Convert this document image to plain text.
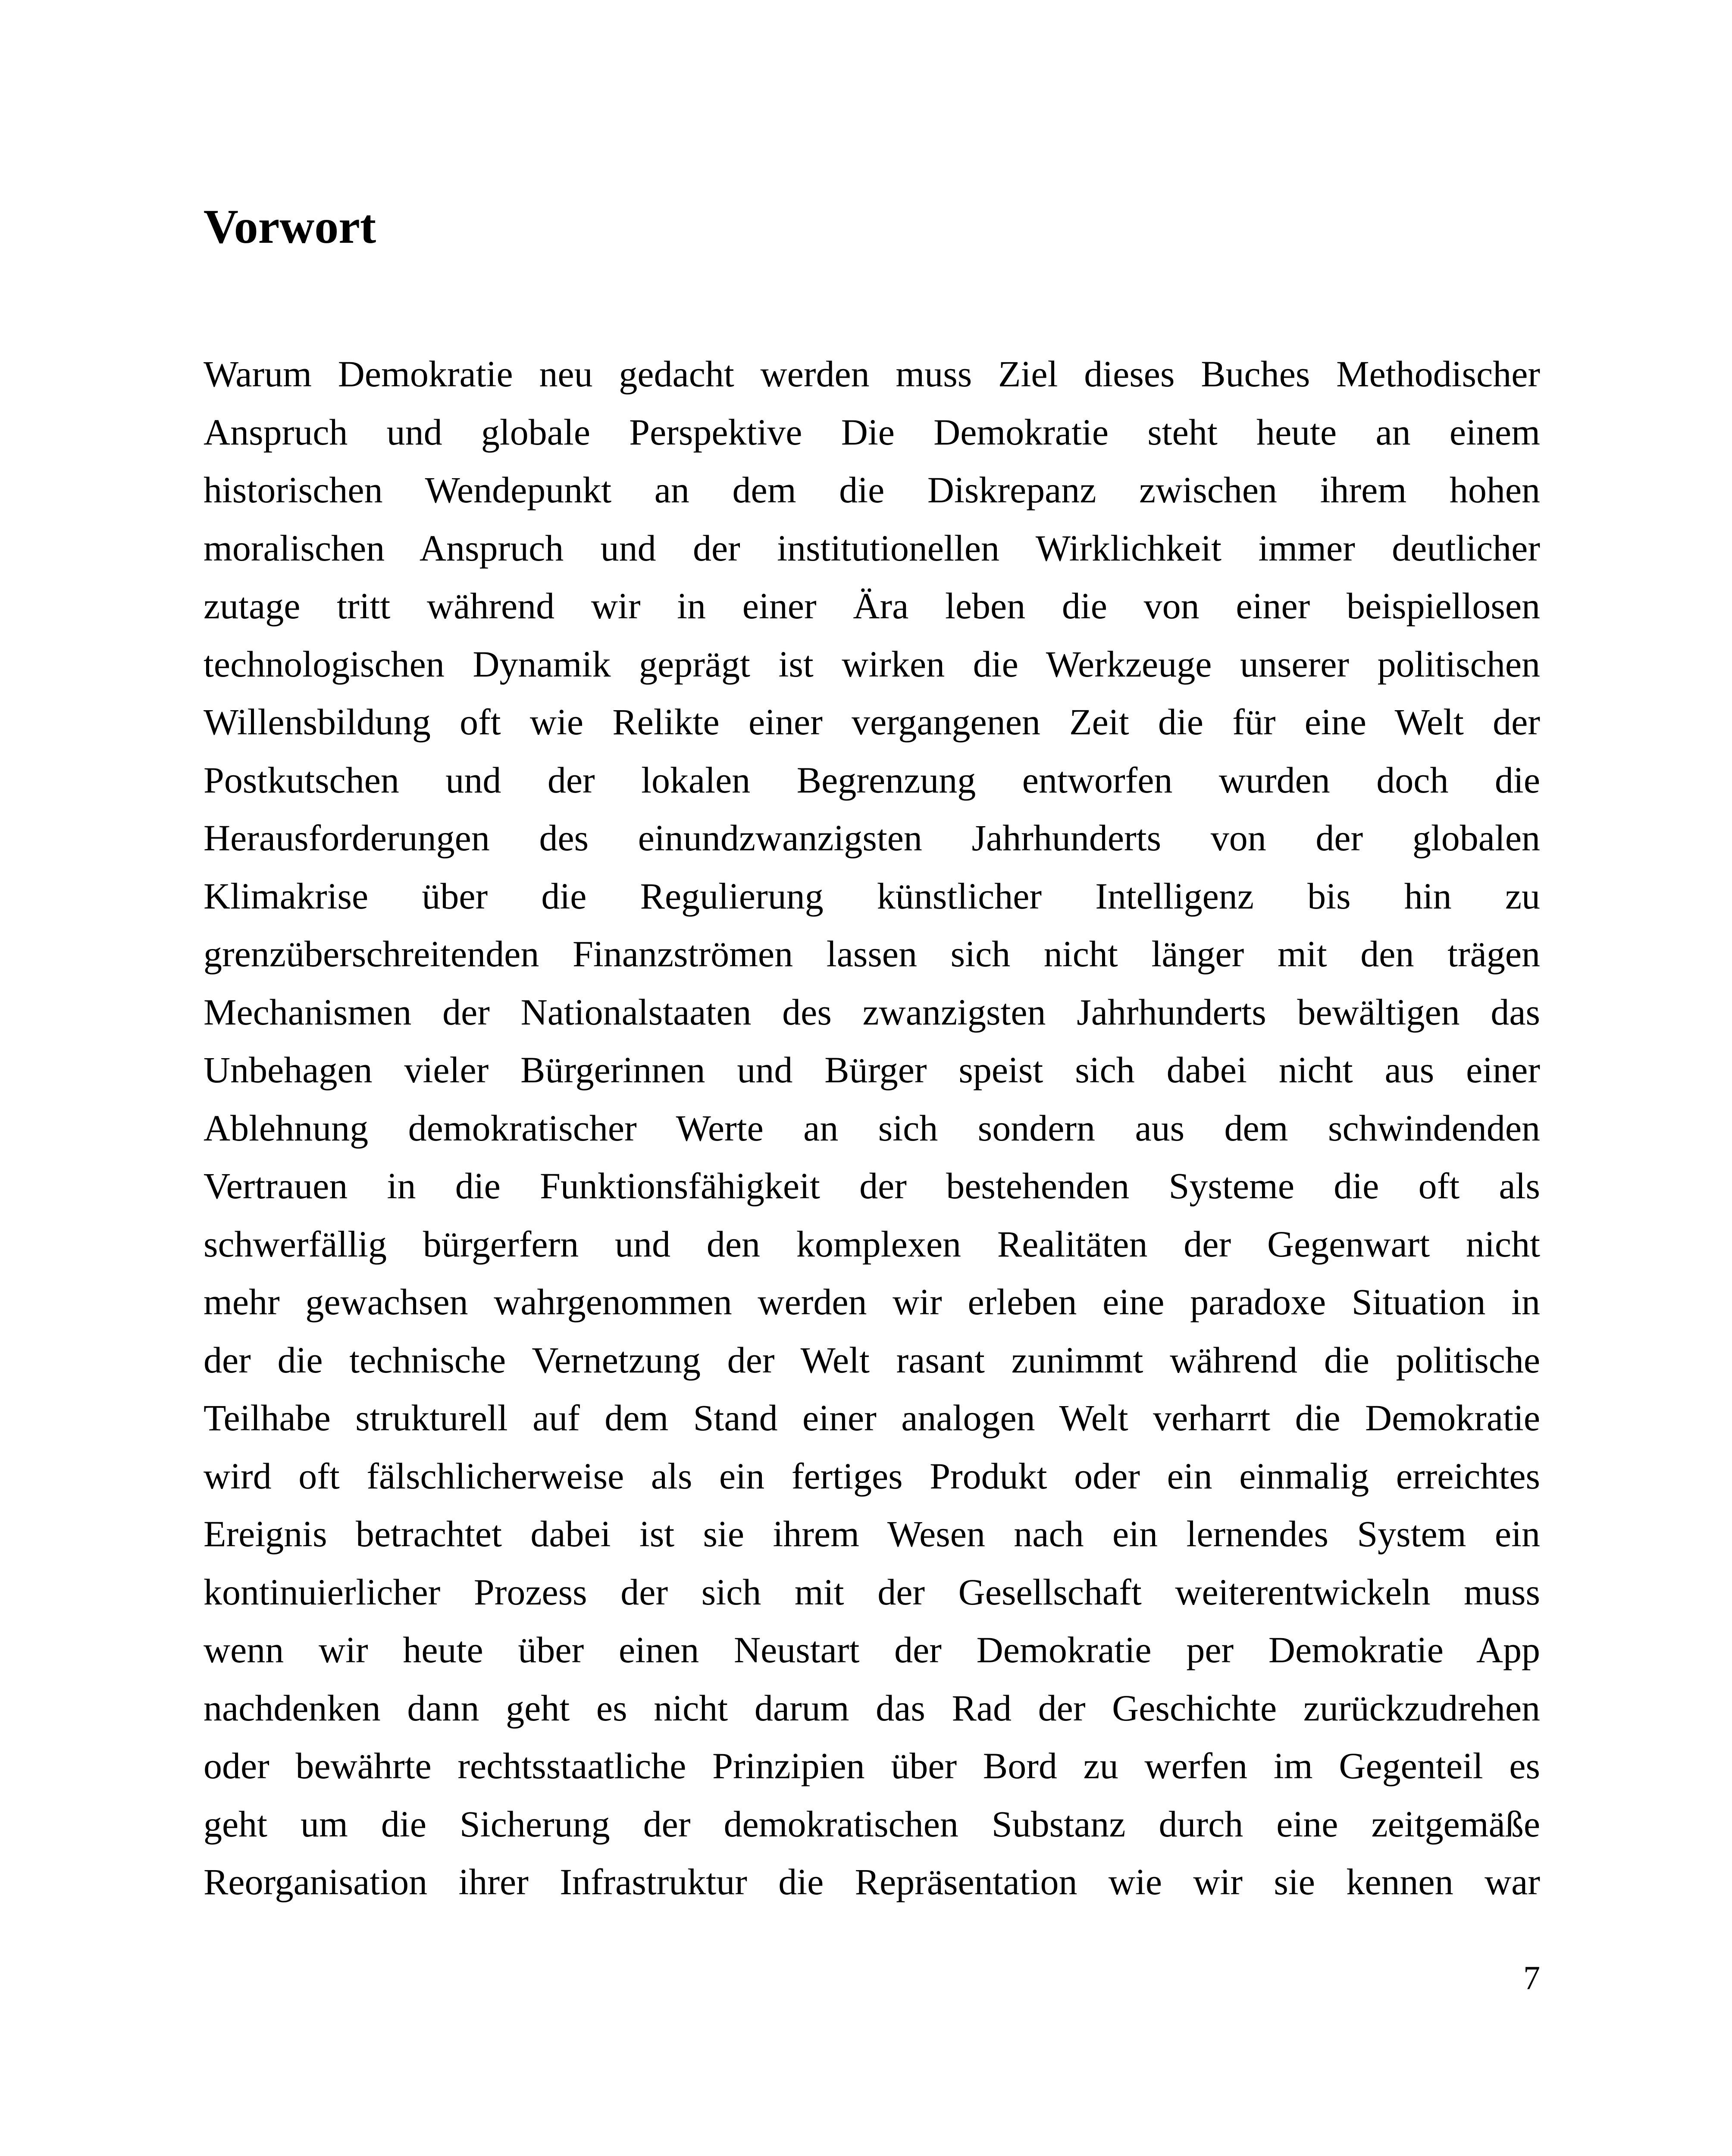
Vorwort
Warum Demokratie neu gedacht werden muss Ziel dieses Buches Methodischer
Anspruch und globale Perspektive Die Demokratie steht heute an einem
historischen Wendepunkt an dem die Diskrepanz zwischen ihrem hohen
moralischen Anspruch und der institutionellen Wirklichkeit immer deutlicher
zutage tritt während wir in einer Ära leben die von einer beispiellosen
technologischen Dynamik geprägt ist wirken die Werkzeuge unserer politischen
Willensbildung oft wie Relikte einer vergangenen Zeit die für eine Welt der
Postkutschen und der lokalen Begrenzung entworfen wurden doch die
Herausforderungen des einundzwanzigsten Jahrhunderts von der globalen
Klimakrise über die Regulierung künstlicher Intelligenz bis hin zu
grenzüberschreitenden Finanzströmen lassen sich nicht länger mit den trägen
Mechanismen der Nationalstaaten des zwanzigsten Jahrhunderts bewältigen das
Unbehagen vieler Bürgerinnen und Bürger speist sich dabei nicht aus einer
Ablehnung demokratischer Werte an sich sondern aus dem schwindenden
Vertrauen in die Funktionsfähigkeit der bestehenden Systeme die oft als
schwerfällig bürgerfern und den komplexen Realitäten der Gegenwart nicht
mehr gewachsen wahrgenommen werden wir erleben eine paradoxe Situation in
der die technische Vernetzung der Welt rasant zunimmt während die politische
Teilhabe strukturell auf dem Stand einer analogen Welt verharrt die Demokratie
wird oft fälschlicherweise als ein fertiges Produkt oder ein einmalig erreichtes
Ereignis betrachtet dabei ist sie ihrem Wesen nach ein lernendes System ein
kontinuierlicher Prozess der sich mit der Gesellschaft weiterentwickeln muss
wenn wir heute über einen Neustart der Demokratie per Demokratie App
nachdenken dann geht es nicht darum das Rad der Geschichte zurückzudrehen
oder bewährte rechtsstaatliche Prinzipien über Bord zu werfen im Gegenteil es
geht um die Sicherung der demokratischen Substanz durch eine zeitgemäße
Reorganisation ihrer Infrastruktur die Repräsentation wie wir sie kennen war
7
